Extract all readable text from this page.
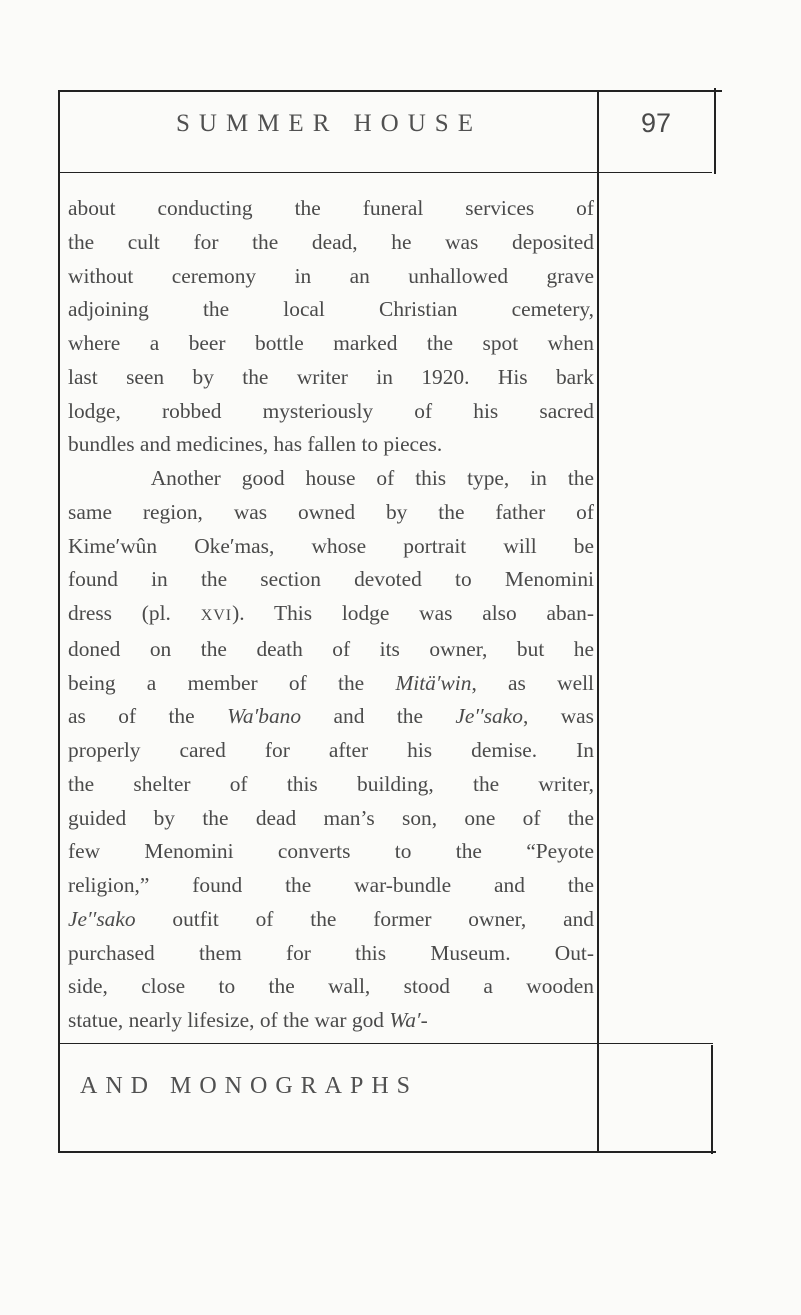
SUMMER HOUSE	97
about conducting the funeral services of
the cult for the dead, he was deposited
without ceremony in an unhallowed grave
adjoining the local Christian cemetery,
where a beer bottle marked the spot when
last seen by the writer in 1920. His bark
lodge, robbed mysteriously of his sacred
bundles and medicines, has fallen to pieces.
Another good house of this type, in the
same region, was owned by the father of
Kime′wûn Oke′mas, whose portrait will be
found in the section devoted to Menomini
dress (pl. XVI). This lodge was also aban-
doned on the death of its owner, but he
being a member of the Mitä′win, as well
as of the Wa′bano and the Je′′sako, was
properly cared for after his demise. In
the shelter of this building, the writer,
guided by the dead man’s son, one of the
few Menomini converts to the “Peyote
religion,” found the war-bundle and the
Je′′sako outfit of the former owner, and
purchased them for this Museum. Out-
side, close to the wall, stood a wooden
statue, nearly lifesize, of the war god Wa′-
AND MONOGRAPHS
